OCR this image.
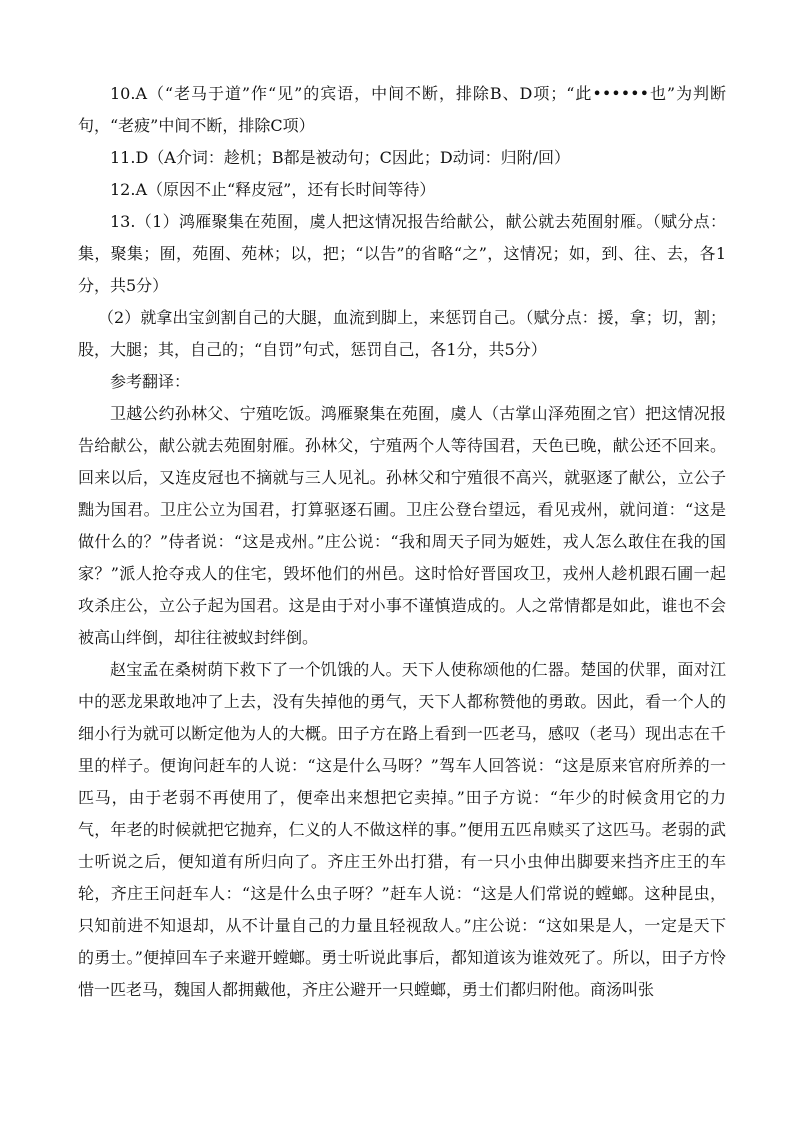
10.A（“老马于道”作“见”的宾语，中间不断，排除B、D项；“此••••••也”为判断句，“老疲”中间不断，排除C项）

11.D（A介词：趁机；B都是被动句；C因此；D动词：归附/回）

12.A（原因不止“释皮冠”，还有长时间等待）

13.（1）鸿雁聚集在苑囿，虞人把这情况报告给献公，献公就去苑囿射雁。（赋分点：集，聚集；囿，苑囿、苑林；以，把；“以告”的省略“之”，这情况；如，到、往、去，各1分，共5分）

（2）就拿出宝剑割自己的大腿，血流到脚上，来惩罚自己。（赋分点：援，拿；切，割；股，大腿；其，自己的；“自罚”句式，惩罚自己，各1分，共5分）

参考翻译：

卫越公约孙林父、宁殖吃饭。鸿雁聚集在苑囿，虞人（古掌山泽苑囿之官）把这情况报告给献公，献公就去苑囿射雁。孙林父，宁殖两个人等待国君，天色已晚，献公还不回来。回来以后，又连皮冠也不摘就与三人见礼。孙林父和宁殖很不高兴，就驱逐了献公，立公子黜为国君。卫庄公立为国君，打算驱逐石圃。卫庄公登台望远，看见戎州，就问道：“这是做什么的？”侍者说：“这是戎州。”庄公说：“我和周天子同为姬姓，戎人怎么敢住在我的国家？”派人抢夺戎人的住宅，毁坏他们的州邑。这时恰好晋国攻卫，戎州人趁机跟石圃一起攻杀庄公，立公子起为国君。这是由于对小事不谨慎造成的。人之常情都是如此，谁也不会被高山绊倒，却往往被蚁封绊倒。

赵宝孟在桑树荫下救下了一个饥饿的人。天下人使称颂他的仁器。楚国的伏罪，面对江中的恶龙果敢地冲了上去，没有失掉他的勇气，天下人都称赞他的勇敢。因此，看一个人的细小行为就可以断定他为人的大概。田子方在路上看到一匹老马，感叹（老马）现出志在千里的样子。便询问赶车的人说：“这是什么马呀？”驾车人回答说：“这是原来官府所养的一匹马，由于老弱不再使用了，便牵出来想把它卖掉。”田子方说：“年少的时候贪用它的力气，年老的时候就把它抛弃，仁义的人不做这样的事。”便用五匹帛赎买了这匹马。老弱的武士听说之后，便知道有所归向了。齐庄王外出打猎，有一只小虫伸出脚要来挡齐庄王的车轮，齐庄王问赶车人：“这是什么虫子呀？”赶车人说：“这是人们常说的螳螂。这种昆虫，只知前进不知退却，从不计量自己的力量且轻视敌人。”庄公说：“这如果是人，一定是天下的勇士。”便掉回车子来避开螳螂。勇士听说此事后，都知道该为谁效死了。所以，田子方怜惜一匹老马，魏国人都拥戴他，齐庄公避开一只螳螂，勇士们都归附他。商汤叫张
